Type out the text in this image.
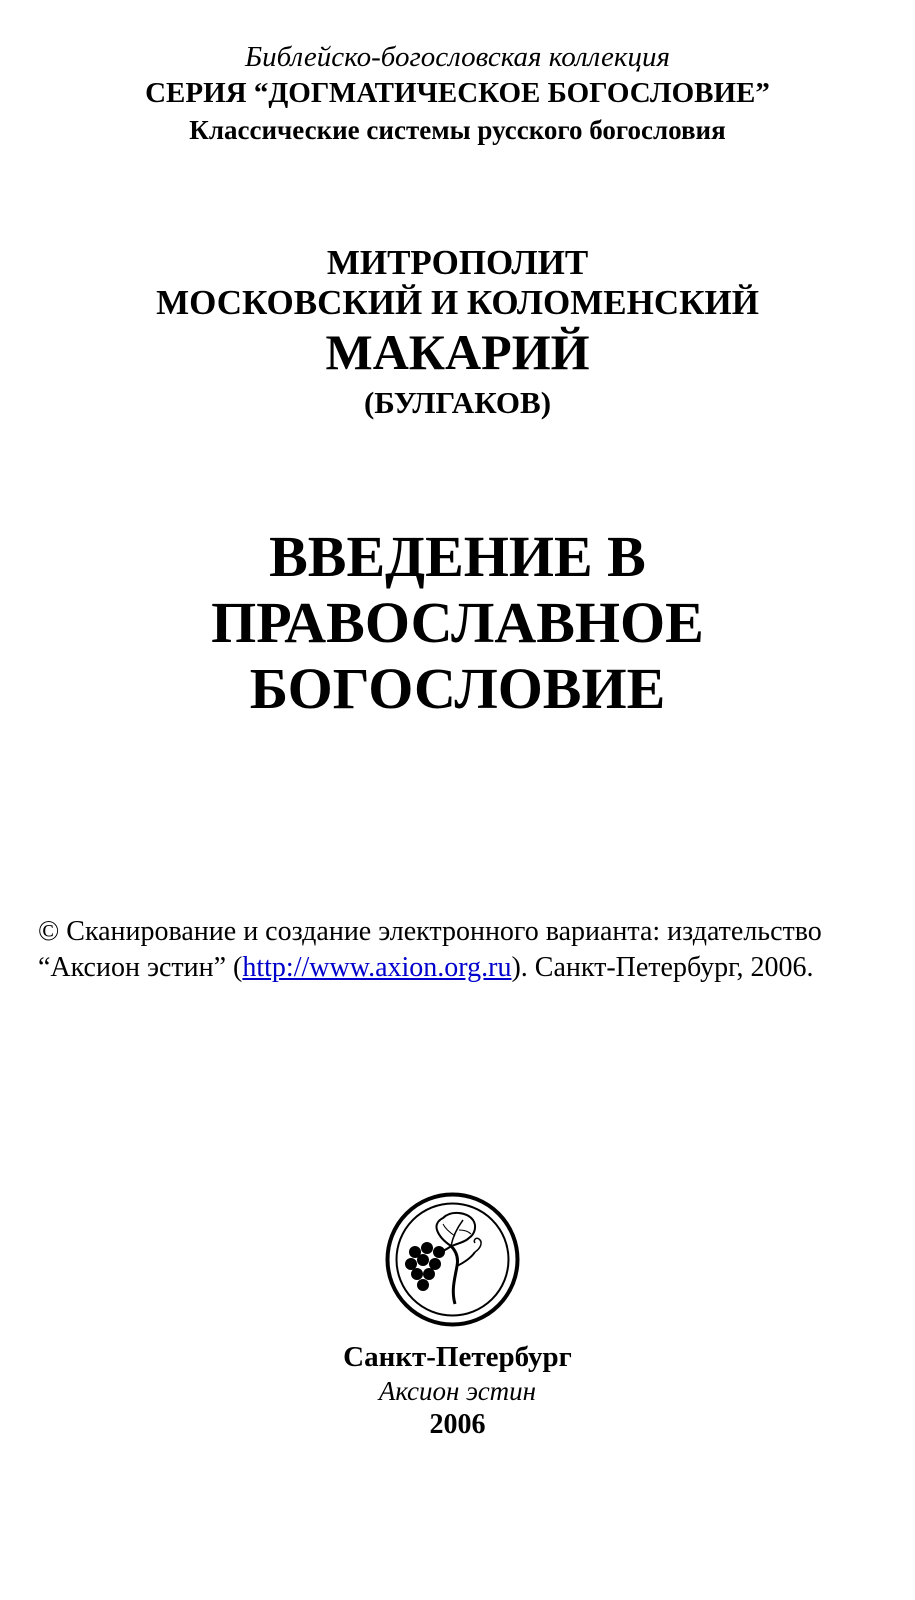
Библейско-богословская коллекция
СЕРИЯ “ДОГМАТИЧЕСКОЕ БОГОСЛОВИЕ”
Классические системы русского богословия
МИТРОПОЛИТ
МОСКОВСКИЙ И КОЛОМЕНСКИЙ
МАКАРИЙ
(БУЛГАКОВ)
ВВЕДЕНИЕ В
ПРАВОСЛАВНОЕ
БОГОСЛОВИЕ
© Сканирование и создание электронного варианта: издательство
“Аксион эстин” (http://www.axion.org.ru). Санкт-Петербург, 2006.
Санкт-Петербург
Аксион эстин
2006
